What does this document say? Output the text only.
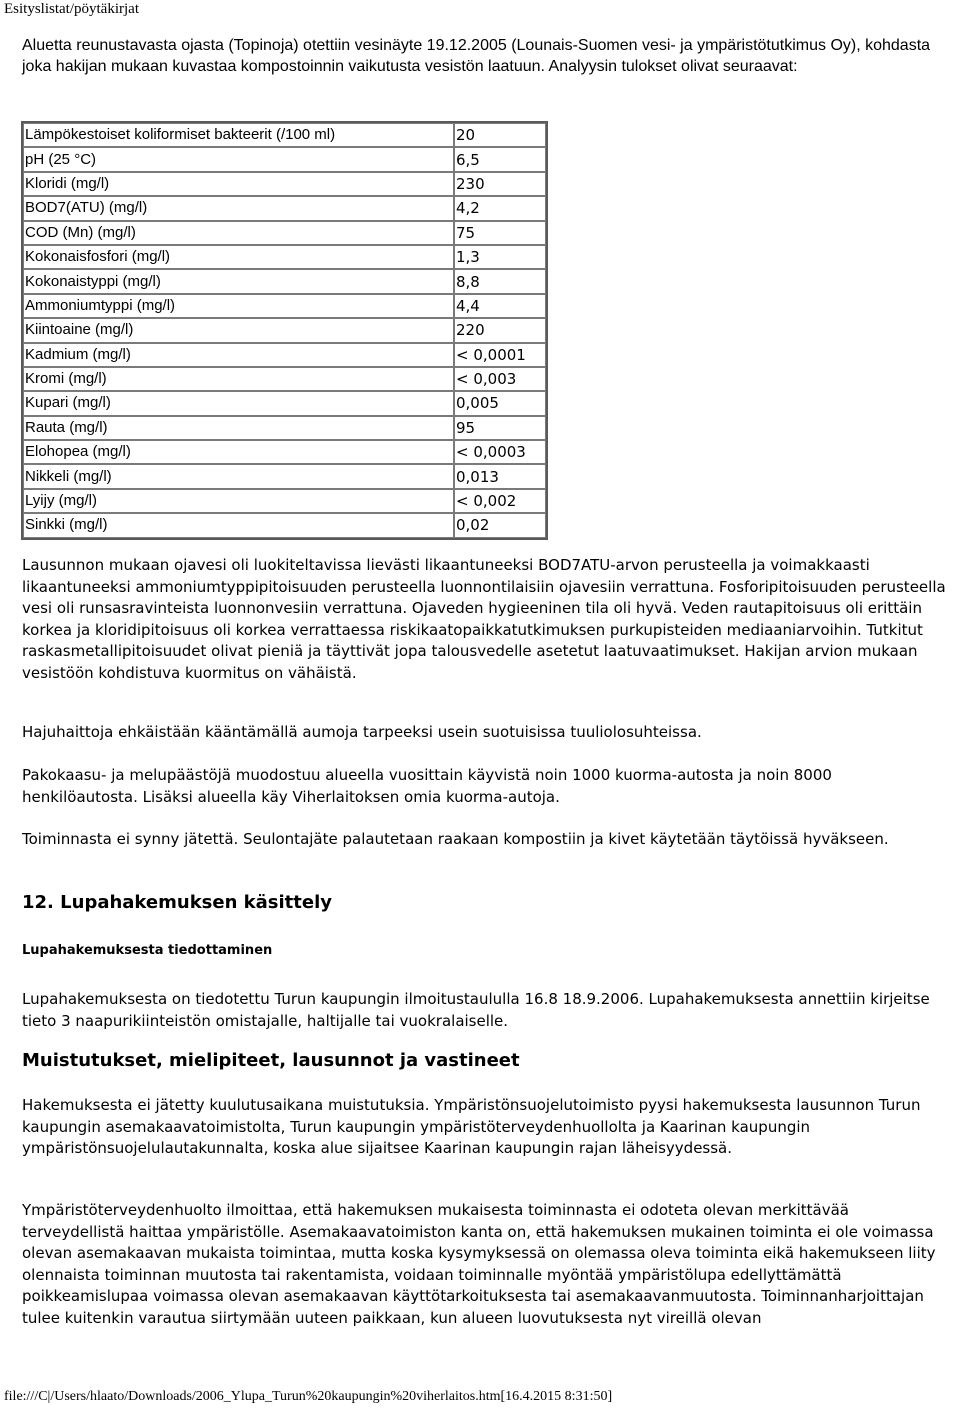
Esityslistat/pöytäkirjat

Aluetta reunustavasta ojasta (Topinoja) otettiin vesinäyte 19.12.2005 (Lounais-Suomen vesi- ja ympäristötutkimus Oy), kohdasta joka hakijan mukaan kuvastaa kompostoinnin vaikutusta vesistön laatuun. Analyysin tulokset olivat seuraavat:

Lämpökestoiset koliformiset bakteerit (/100 ml)	20
pH (25 °C)	6,5
Kloridi (mg/l)	230
BOD7(ATU) (mg/l)	4,2
COD (Mn) (mg/l)	75
Kokonaisfosfori (mg/l)	1,3
Kokonaistyppi (mg/l)	8,8
Ammoniumtyppi (mg/l)	4,4
Kiintoaine (mg/l)	220
Kadmium (mg/l)	< 0,0001
Kromi (mg/l)	< 0,003
Kupari (mg/l)	0,005
Rauta (mg/l)	95
Elohopea (mg/l)	< 0,0003
Nikkeli (mg/l)	0,013
Lyijy (mg/l)	< 0,002
Sinkki (mg/l)	0,02

Lausunnon mukaan ojavesi oli luokiteltavissa lievästi likaantuneeksi BOD7ATU-arvon perusteella ja voimakkaasti likaantuneeksi ammoniumtyppipitoisuuden perusteella luonnontilaisiin ojavesiin verrattuna. Fosforipitoisuuden perusteella vesi oli runsasravinteista luonnonvesiin verrattuna. Ojaveden hygieeninen tila oli hyvä. Veden rautapitoisuus oli erittäin korkea ja kloridipitoisuus oli korkea verrattaessa riskikaatopaikkatutkimuksen purkupisteiden mediaaniarvoihin. Tutkitut raskasmetallipitoisuudet olivat pieniä ja täyttivät jopa talousvedelle asetetut laatuvaatimukset. Hakijan arvion mukaan vesistöön kohdistuva kuormitus on vähäistä.

Hajuhaittoja ehkäistään kääntämällä aumoja tarpeeksi usein suotuisissa tuuliolosuhteissa.

Pakokaasu- ja melupäästöjä muodostuu alueella vuosittain käyvistä noin 1000 kuorma-autosta ja noin 8000 henkilöautosta. Lisäksi alueella käy Viherlaitoksen omia kuorma-autoja.

Toiminnasta ei synny jätettä. Seulontajäte palautetaan raakaan kompostiin ja kivet käytetään täytöissä hyväkseen.

12. Lupahakemuksen käsittely
Lupahakemuksesta tiedottaminen

Lupahakemuksesta on tiedotettu Turun kaupungin ilmoitustaululla 16.8 18.9.2006. Lupahakemuksesta annettiin kirjeitse tieto 3 naapurikiinteistön omistajalle, haltijalle tai vuokralaiselle.

Muistutukset, mielipiteet, lausunnot ja vastineet

Hakemuksesta ei jätetty kuulutusaikana muistutuksia. Ympäristönsuojelutoimisto pyysi hakemuksesta lausunnon Turun kaupungin asemakaavatoimistolta, Turun kaupungin ympäristöterveydenhuollolta ja Kaarinan kaupungin ympäristönsuojelulautakunnalta, koska alue sijaitsee Kaarinan kaupungin rajan läheisyydessä.

Ympäristöterveydenhuolto ilmoittaa, että hakemuksen mukaisesta toiminnasta ei odoteta olevan merkittävää terveydellistä haittaa ympäristölle. Asemakaavatoimiston kanta on, että hakemuksen mukainen toiminta ei ole voimassa olevan asemakaavan mukaista toimintaa, mutta koska kysymyksessä on olemassa oleva toiminta eikä hakemukseen liity olennaista toiminnan muutosta tai rakentamista, voidaan toiminnalle myöntää ympäristölupa edellyttämättä poikkeamislupaa voimassa olevan asemakaavan käyttötarkoituksesta tai asemakaavanmuutosta. Toiminnanharjoittajan tulee kuitenkin varautua siirtymään uuteen paikkaan, kun alueen luovutuksesta nyt vireillä olevan

file:///C|/Users/hlaato/Downloads/2006_Ylupa_Turun%20kaupungin%20viherlaitos.htm[16.4.2015 8:31:50]
